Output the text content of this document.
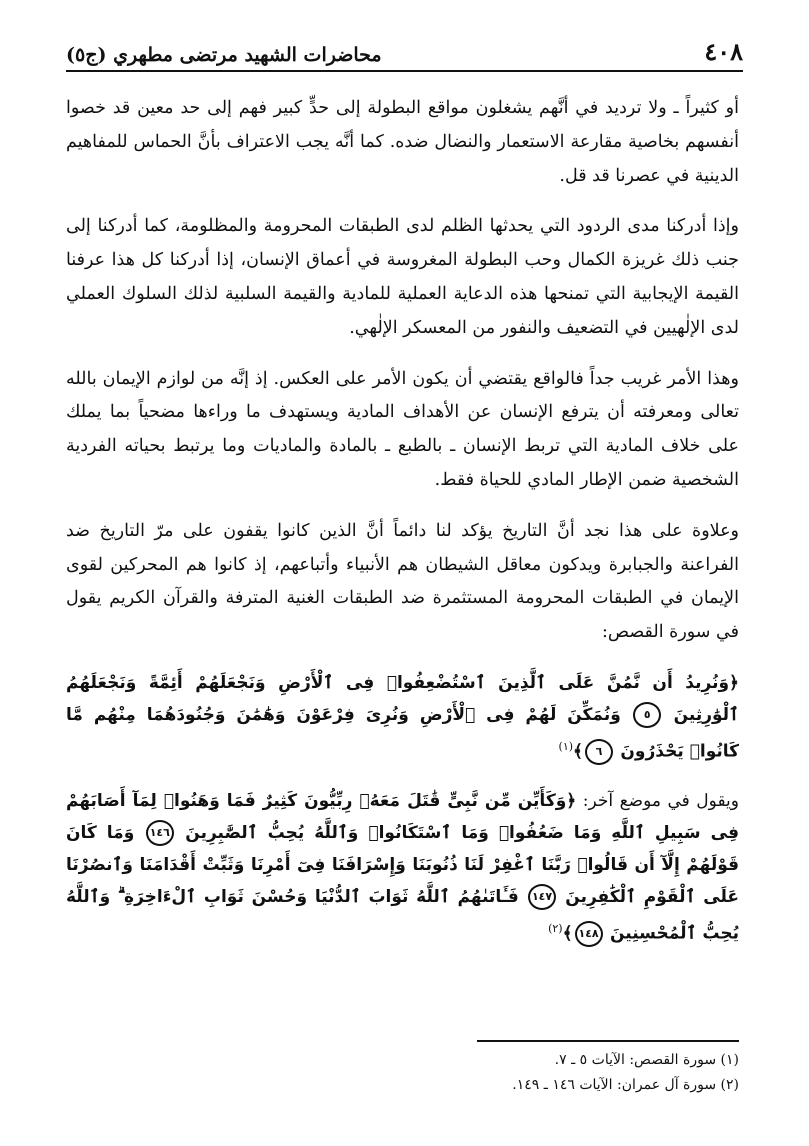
٤٠٨
محاضرات الشهيد مرتضى مطهري (ج٥)

أو كثيراً ـ ولا ترديد في أنَّهم يشغلون مواقع البطولة إلى حدٍّ كبير فهم إلى حد معين قد خصوا أنفسهم بخاصية مقارعة الاستعمار والنضال ضده. كما أنَّه يجب الاعتراف بأنَّ الحماس للمفاهيم الدينية في عصرنا قد قل.

وإذا أدركنا مدى الردود التي يحدثها الظلم لدى الطبقات المحرومة والمظلومة، كما أدركنا إلى جنب ذلك غريزة الكمال وحب البطولة المغروسة في أعماق الإنسان، إذا أدركنا كل هذا عرفنا القيمة الإيجابية التي تمنحها هذه الدعاية العملية للمادية والقيمة السلبية لذلك السلوك العملي لدى الإلٰهيين في التضعيف والنفور من المعسكر الإلٰهي.

وهذا الأمر غريب جداً فالواقع يقتضي أن يكون الأمر على العكس. إذ إنَّه من لوازم الإيمان بالله تعالى ومعرفته أن يترفع الإنسان عن الأهداف المادية ويستهدف ما وراءها مضحياً بما يملك على خلاف المادية التي تربط الإنسان ـ بالطبع ـ بالمادة والماديات وما يرتبط بحياته الفردية الشخصية ضمن الإطار المادي للحياة فقط.

وعلاوة على هذا نجد أنَّ التاريخ يؤكد لنا دائماً أنَّ الذين كانوا يقفون على مرّ التاريخ ضد الفراعنة والجبابرة ويدكون معاقل الشيطان هم الأنبياء وأتباعهم، إذ كانوا هم المحركين لقوى الإيمان في الطبقات المحرومة المستثمرة ضد الطبقات الغنية المترفة والقرآن الكريم يقول في سورة القصص:

﴿وَنُرِيدُ أَن نَّمُنَّ عَلَى ٱلَّذِينَ ٱسْتُضْعِفُوا۟ فِى ٱلْأَرْضِ وَنَجْعَلَهُمْ أَئِمَّةً وَنَجْعَلَهُمُ ٱلْوَٰرِثِينَ ٥ وَنُمَكِّنَ لَهُمْ فِى ٱلْأَرْضِ وَنُرِىَ فِرْعَوْنَ وَهَٰمَٰنَ وَجُنُودَهُمَا مِنْهُم مَّا كَانُوا۟ يَحْذَرُونَ ٦﴾$^{(١)}$

ويقول في موضع آخر: ﴿وَكَأَيِّن مِّن نَّبِىٍّ قَٰتَلَ مَعَهُۥ رِبِّيُّونَ كَثِيرٌ فَمَا وَهَنُوا۟ لِمَآ أَصَابَهُمْ فِى سَبِيلِ ٱللَّهِ وَمَا ضَعُفُوا۟ وَمَا ٱسْتَكَانُوا۟ وَٱللَّهُ يُحِبُّ ٱلصَّٰبِرِينَ ١٤٦ وَمَا كَانَ قَوْلَهُمْ إِلَّآ أَن قَالُوا۟ رَبَّنَا ٱغْفِرْ لَنَا ذُنُوبَنَا وَإِسْرَافَنَا فِىٓ أَمْرِنَا وَثَبِّتْ أَقْدَامَنَا وَٱنصُرْنَا عَلَى ٱلْقَوْمِ ٱلْكَٰفِرِينَ ١٤٧ فَـَٔاتَىٰهُمُ ٱللَّهُ ثَوَابَ ٱلدُّنْيَا وَحُسْنَ ثَوَابِ ٱلْءَاخِرَةِ ۗ وَٱللَّهُ يُحِبُّ ٱلْمُحْسِنِينَ ١٤٨﴾$^{(٢)}$

(١) سورة القصص: الآيات ٥ ـ ٧.
(٢) سورة آل عمران: الآيات ١٤٦ ـ ١٤٩.
